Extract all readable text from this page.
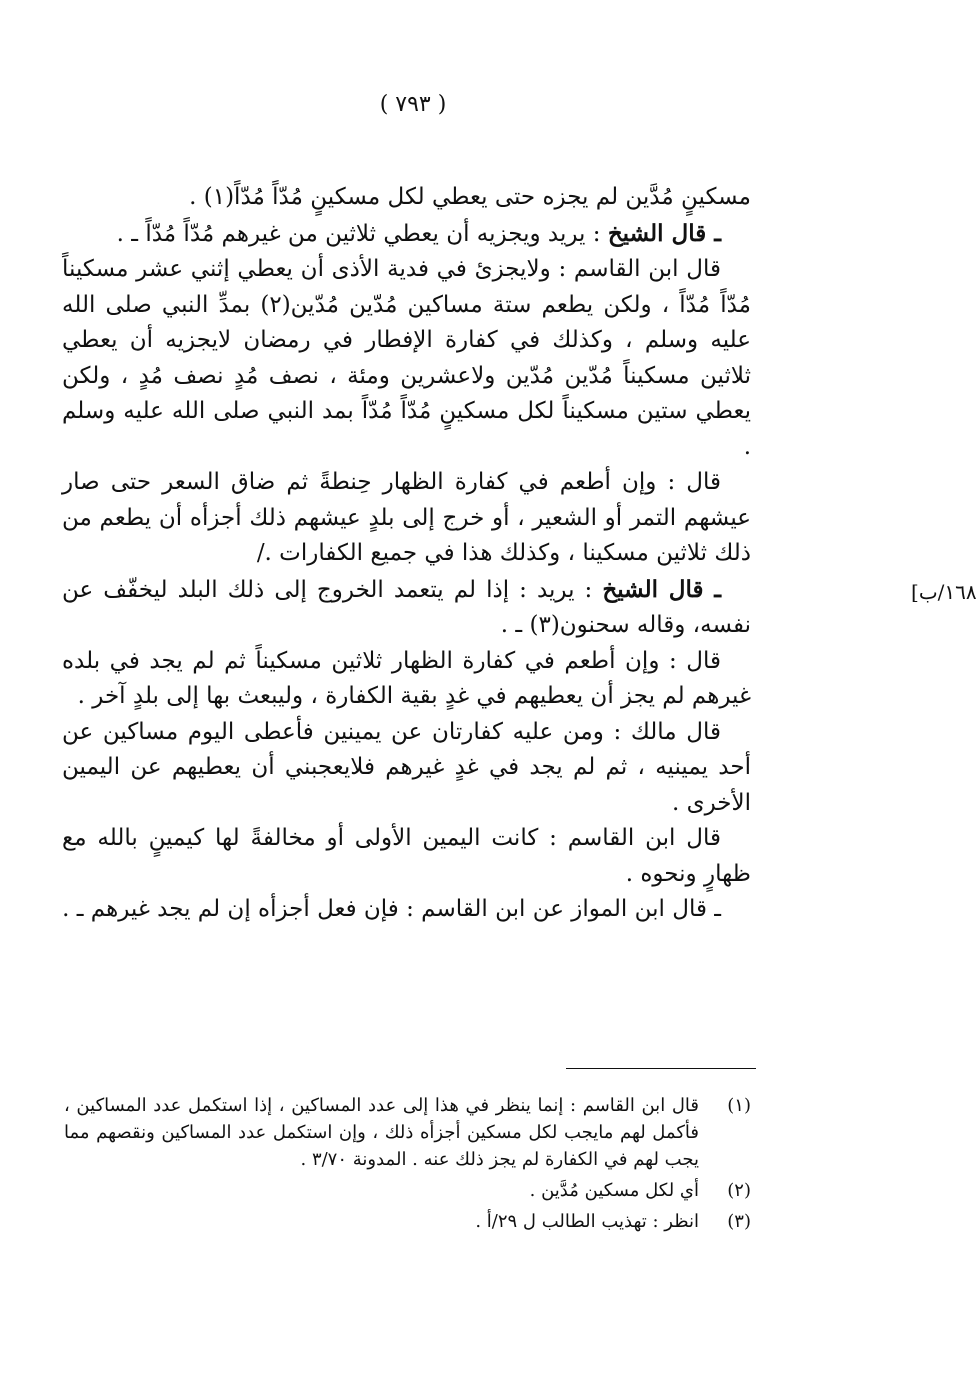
( ٧٩٣ )
[١٦٨/ب

مسكينٍ مُدَّين لم يجزه حتى يعطي لكل مسكينٍ مُدّاً مُدّاً(١) .

ـ قال الشيخ : يريد ويجزيه أن يعطي ثلاثين من غيرهم مُدّاً مُدّاً ـ .

قال ابن القاسم : ولايجزئ في فدية الأذى أن يعطي إثني عشر مسكيناً مُدّاً مُدّاً ، ولكن يطعم ستة مساكين مُدّين مُدّين(٢) بمدِّ النبي صلى الله عليه وسلم ، وكذلك في كفارة الإفطار في رمضان لايجزيه أن يعطي ثلاثين مسكيناً مُدّين مُدّين ولاعشرين ومئة ، نصف مُدٍ نصف مُدٍ ، ولكن يعطي ستين مسكيناً لكل مسكينٍ مُدّاً مُدّاً بمد النبي صلى الله عليه وسلم .

قال : وإن أطعم في كفارة الظهار حِنطةً ثم ضاق السعر حتى صار عيشهم التمر أو الشعير ، أو خرج إلى بلدٍ عيشهم ذلك أجزأه أن يطعم من ذلك ثلاثين مسكينا ، وكذلك هذا في جميع الكفارات ./

ـ قال الشيخ : يريد : إذا لم يتعمد الخروج إلى ذلك البلد ليخفّف عن نفسه، وقاله سحنون(٣) ـ .

قال : وإن أطعم في كفارة الظهار ثلاثين مسكيناً ثم لم يجد في بلده غيرهم لم يجز أن يعطيهم في غدٍ بقية الكفارة ، وليبعث بها إلى بلدٍ آخر .

قال مالك : ومن عليه كفارتان عن يمينين فأعطى اليوم مساكين عن أحد يمينيه ، ثم لم يجد في غدٍ غيرهم فلايعجبني أن يعطيهم عن اليمين الأخرى .

قال ابن القاسم : كانت اليمين الأولى أو مخالفةً لها كيمينٍ بالله مع ظهارٍ ونحوه .

ـ قال ابن المواز عن ابن القاسم : فإن فعل أجزأه إن لم يجد غيرهم ـ .

(١)
قال ابن القاسم : إنما ينظر في هذا إلى عدد المساكين ، إذا استكمل عدد المساكين ، فأكمل لهم مايجب لكل مسكين أجزأه ذلك ، وإن استكمل عدد المساكين ونقصهم مما يجب لهم في الكفارة لم يجز ذلك عنه . المدونة ٣/٧٠ .
(٢)
أي لكل مسكين مُدَّين .
(٣)
انظر : تهذيب الطالب ل ٢٩/أ .
